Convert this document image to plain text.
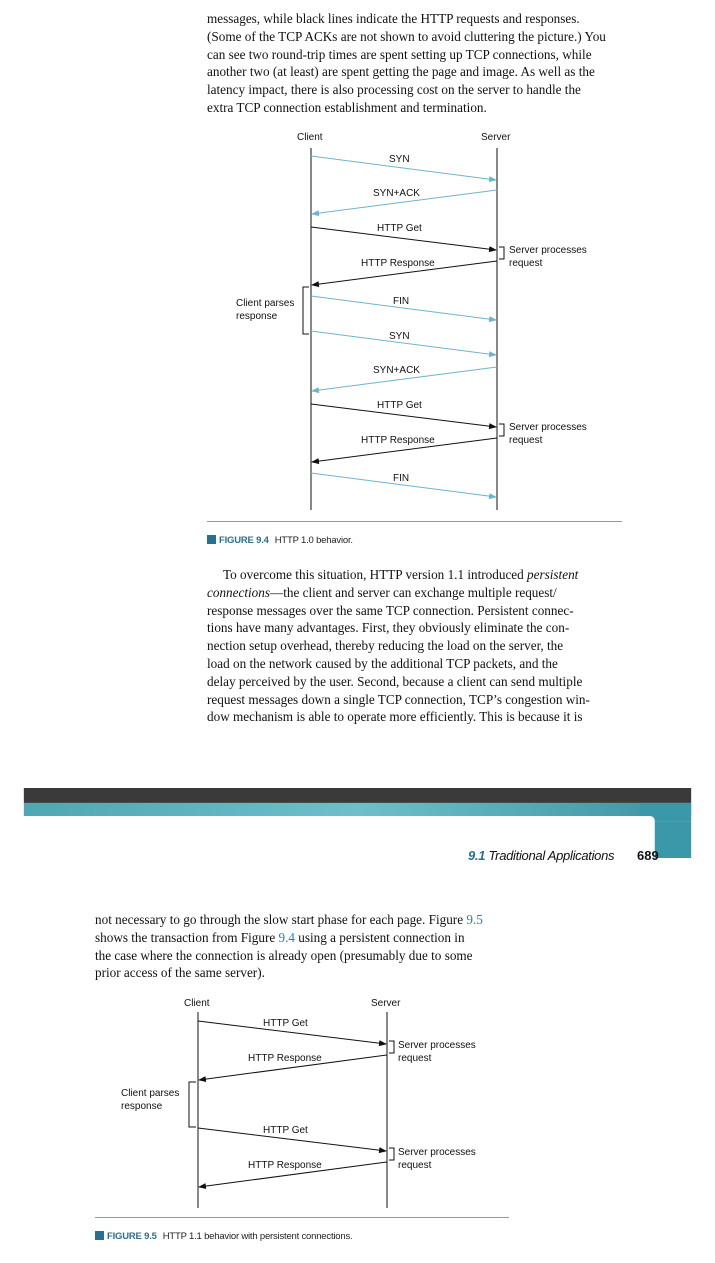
messages, while black lines indicate the HTTP requests and responses.
(Some of the TCP ACKs are not shown to avoid cluttering the picture.) You
can see two round-trip times are spent setting up TCP connections, while
another two (at least) are spent getting the page and image. As well as the
latency impact, there is also processing cost on the server to handle the
extra TCP connection establishment and termination.
Client	Server
SYN
SYN+ACK
HTTP Get
Server processes
request
HTTP Response
Client parses
response
FIN
SYN
SYN+ACK
HTTP Get
Server processes
request
HTTP Response
FIN
FIGURE 9.4 HTTP 1.0 behavior.
To overcome this situation, HTTP version 1.1 introduced persistent
connections—the client and server can exchange multiple request/
response messages over the same TCP connection. Persistent connec-
tions have many advantages. First, they obviously eliminate the con-
nection setup overhead, thereby reducing the load on the server, the
load on the network caused by the additional TCP packets, and the
delay perceived by the user. Second, because a client can send multiple
request messages down a single TCP connection, TCP’s congestion win-
dow mechanism is able to operate more efficiently. This is because it is
9.1 Traditional Applications 689
not necessary to go through the slow start phase for each page. Figure 9.5
shows the transaction from Figure 9.4 using a persistent connection in
the case where the connection is already open (presumably due to some
prior access of the same server).
Client	Server
HTTP Get
Server processes
request
HTTP Response
Client parses
response
HTTP Get
Server processes
request
HTTP Response
FIGURE 9.5 HTTP 1.1 behavior with persistent connections.
